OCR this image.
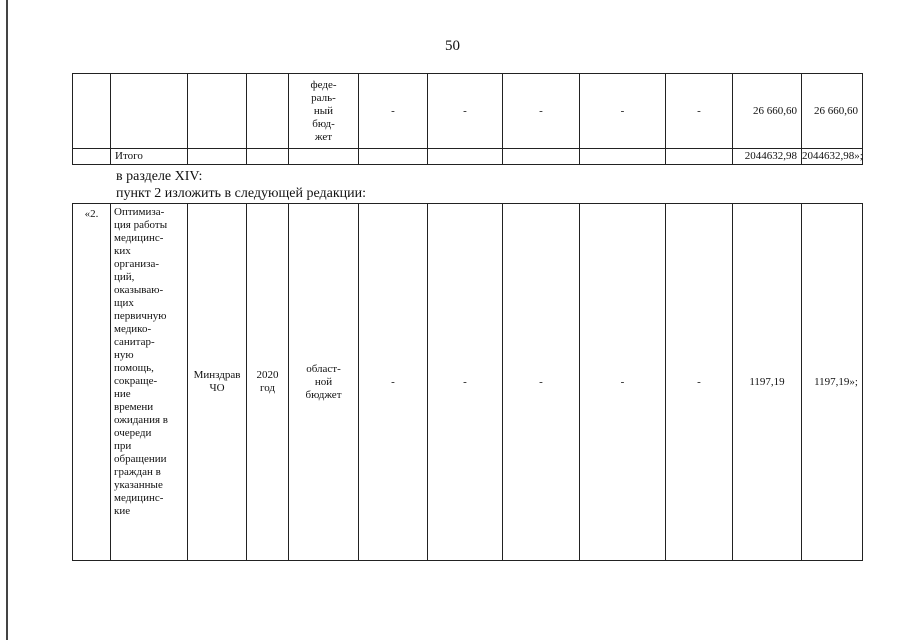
50
				феде-
раль-
ный
бюд-
жет	-	-	-	-	-	26 660,60	26 660,60
	Итого									2044632,98	2044632,98»;
в разделе XIV:
пункт 2 изложить в следующей редакции:
«2.	Оптимиза-
ция работы
медицинс-
ких
организа-
ций,
оказываю-
щих
первичную
медико-
санитар-
ную
помощь,
сокраще-
ние
времени
ожидания в
очереди
при
обращении
граждан в
указанные
медицинс-
кие	Минздрав
ЧО	2020
год	област-
ной
бюджет	-	-	-	-	-	1197,19	1197,19»;
